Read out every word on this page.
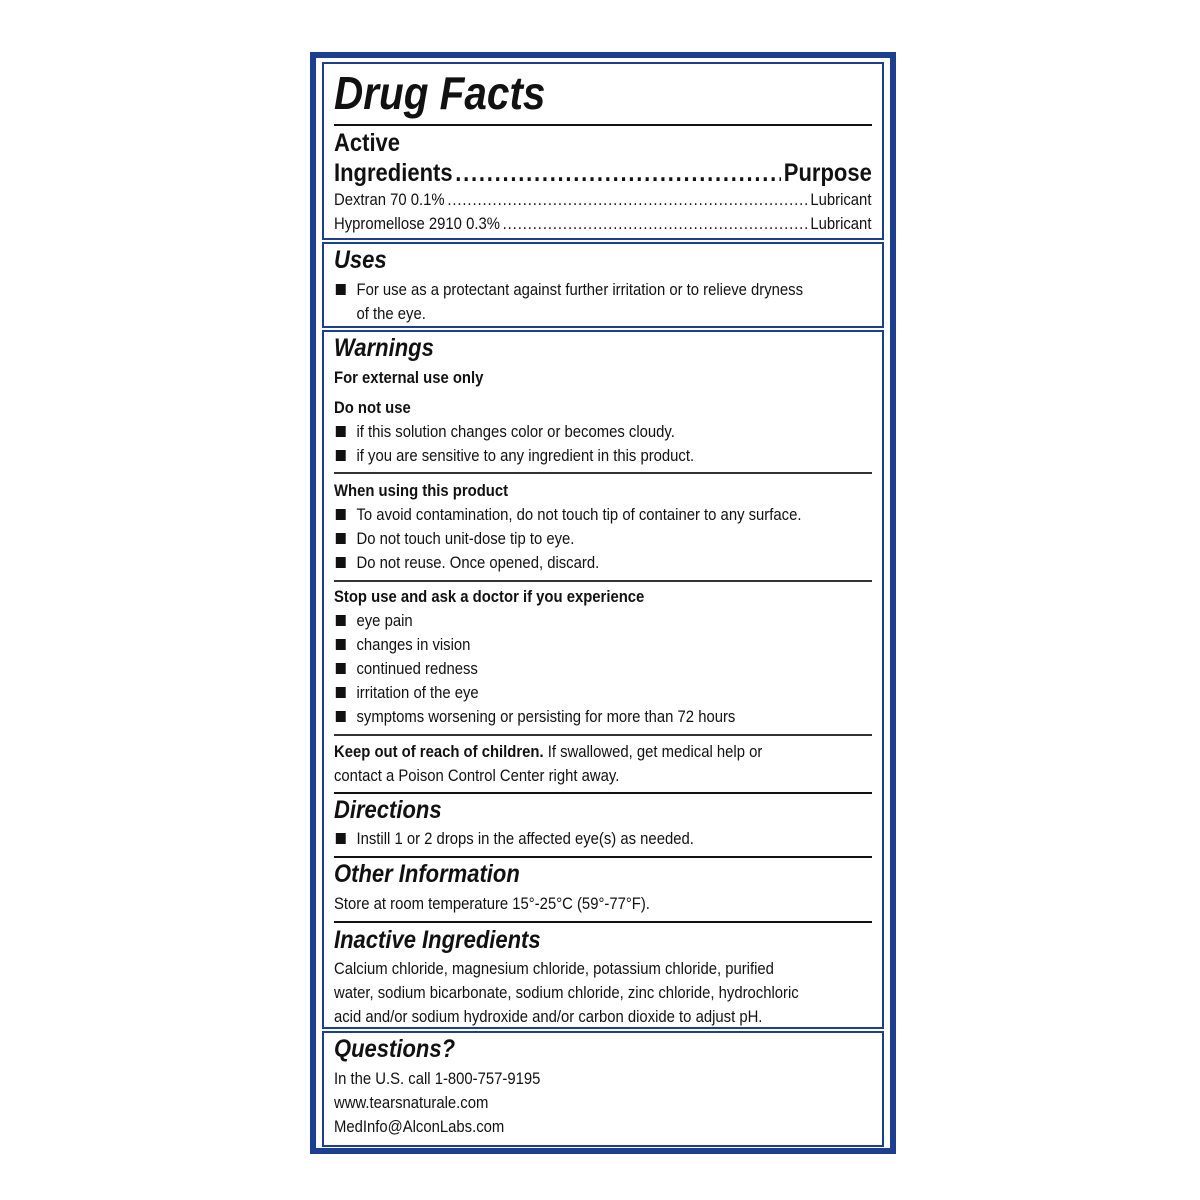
Drug Facts
Active
Ingredients .....	Purpose
Dextran 70 0.1% .....	Lubricant
Hypromellose 2910 0.3% .....	Lubricant
Uses
For use as a protectant against further irritation or to relieve dryness
of the eye.
Warnings
For external use only
Do not use
if this solution changes color or becomes cloudy.
if you are sensitive to any ingredient in this product.
When using this product
To avoid contamination, do not touch tip of container to any surface.
Do not touch unit-dose tip to eye.
Do not reuse. Once opened, discard.
Stop use and ask a doctor if you experience
eye pain
changes in vision
continued redness
irritation of the eye
symptoms worsening or persisting for more than 72 hours
Keep out of reach of children. If swallowed, get medical help or
contact a Poison Control Center right away.
Directions
Instill 1 or 2 drops in the affected eye(s) as needed.
Other Information
Store at room temperature 15°-25°C (59°-77°F).
Inactive Ingredients
Calcium chloride, magnesium chloride, potassium chloride, purified
water, sodium bicarbonate, sodium chloride, zinc chloride, hydrochloric
acid and/or sodium hydroxide and/or carbon dioxide to adjust pH.
Questions?
In the U.S. call 1-800-757-9195
www.tearsnaturale.com
MedInfo@AlconLabs.com
